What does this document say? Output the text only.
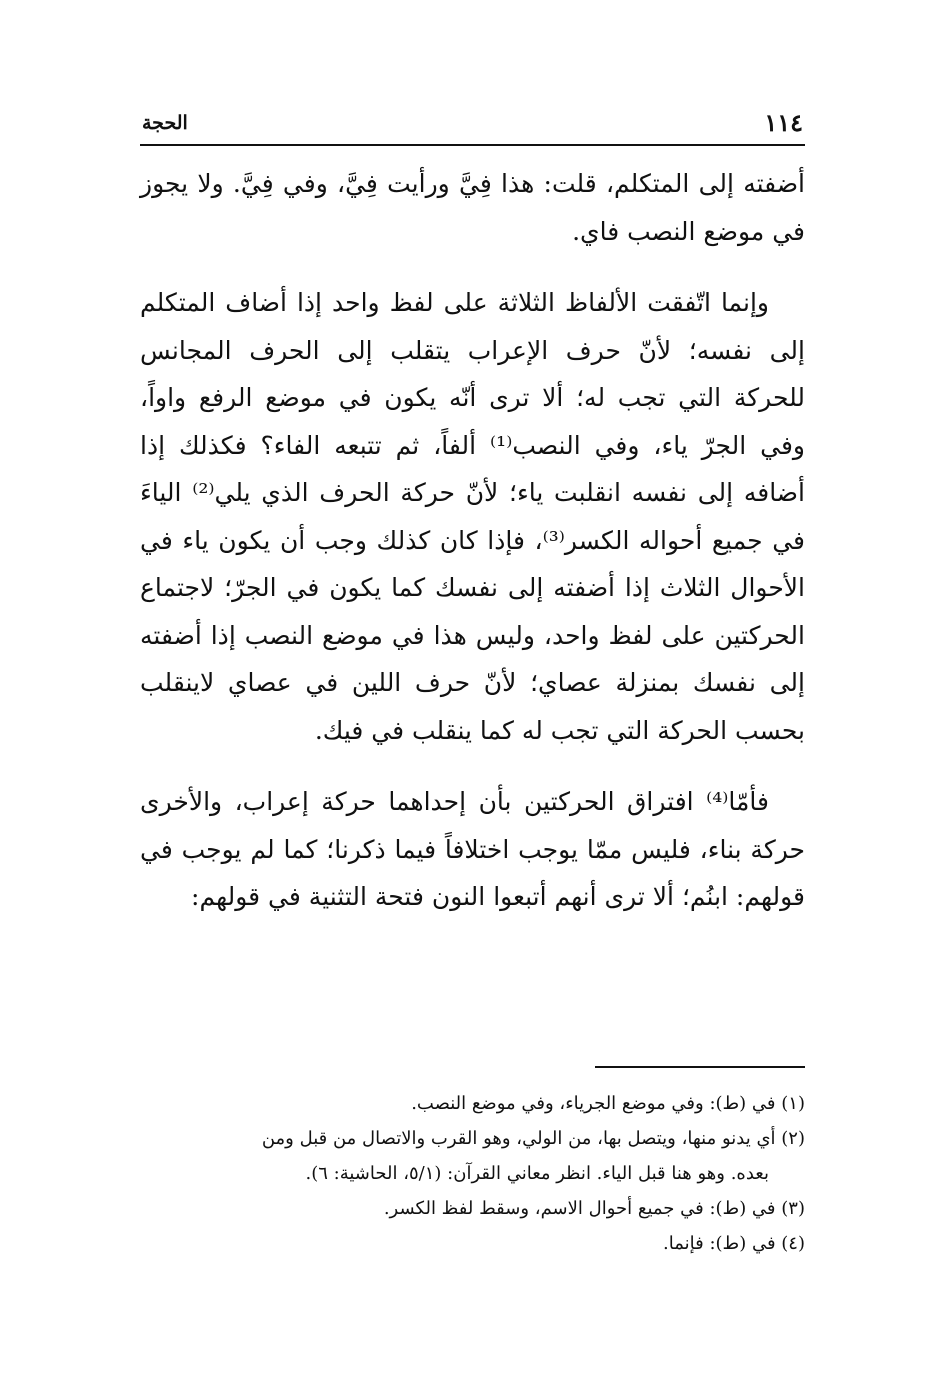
١١٤
الحجة

أضفته إلى المتكلم، قلت: هذا فِيَّ ورأيت فِيَّ، وفي فِيَّ. ولا يجوز في موضع النصب فاي.

وإنما اتّفقت الألفاظ الثلاثة على لفظ واحد إذا أضاف المتكلم إلى نفسه؛ لأنّ حرف الإعراب يتقلب إلى الحرف المجانس للحركة التي تجب له؛ ألا ترى أنّه يكون في موضع الرفع واواً، وفي الجرّ ياء، وفي النصب⁽¹⁾ ألفاً، ثم تتبعه الفاء؟ فكذلك إذا أضافه إلى نفسه انقلبت ياء؛ لأنّ حركة الحرف الذي يلي⁽²⁾ الياءَ في جميع أحواله الكسر⁽³⁾، فإذا كان كذلك وجب أن يكون ياء في الأحوال الثلاث إذا أضفته إلى نفسك كما يكون في الجرّ؛ لاجتماع الحركتين على لفظ واحد، وليس هذا في موضع النصب إذا أضفته إلى نفسك بمنزلة عصاي؛ لأنّ حرف اللين في عصاي لاينقلب بحسب الحركة التي تجب له كما ينقلب في فيك.

فأمّا⁽⁴⁾ افتراق الحركتين بأن إحداهما حركة إعراب، والأخرى حركة بناء، فليس ممّا يوجب اختلافاً فيما ذكرنا؛ كما لم يوجب في قولهم: ابنُم؛ ألا ترى أنهم أتبعوا النون فتحة التثنية في قولهم:

(١) في (ط): وفي موضع الجرياء، وفي موضع النصب.

(٢) أي يدنو منها، ويتصل بها، من الولي، وهو القرب والاتصال من قبل ومن
بعده. وهو هنا قبل الياء. انظر معاني القرآن: (٥/١، الحاشية: ٦).

(٣) في (ط): في جميع أحوال الاسم، وسقط لفظ الكسر.

(٤) في (ط): فإنما.
